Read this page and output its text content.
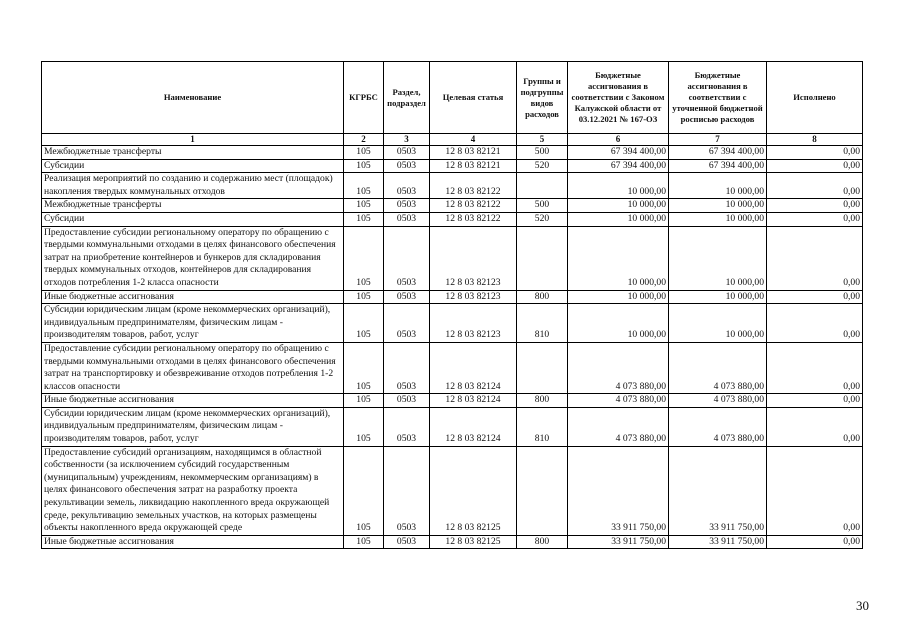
Наименование	КГРБС	Раздел, подраздел	Целевая статья	Группы и подгруппы видов расходов	Бюджетные ассигнования в соответствии с Законом Калужской области от 03.12.2021 № 167-ОЗ	Бюджетные ассигнования в соответствии с уточненной бюджетной росписью расходов	Исполнено
1	2	3	4	5	6	7	8
Межбюджетные трансферты	105	0503	12 8 03 82121	500	67 394 400,00	67 394 400,00	0,00
Субсидии	105	0503	12 8 03 82121	520	67 394 400,00	67 394 400,00	0,00
Реализация мероприятий по созданию и содержанию мест (площадок) накопления твердых коммунальных отходов	105	0503	12 8 03 82122		10 000,00	10 000,00	0,00
Межбюджетные трансферты	105	0503	12 8 03 82122	500	10 000,00	10 000,00	0,00
Субсидии	105	0503	12 8 03 82122	520	10 000,00	10 000,00	0,00
Предоставление субсидии региональному оператору по обращению с твердыми коммунальными отходами в целях финансового обеспечения затрат на приобретение контейнеров и бункеров для складирования твердых коммунальных отходов, контейнеров для складирования отходов потребления 1-2 класса опасности	105	0503	12 8 03 82123		10 000,00	10 000,00	0,00
Иные бюджетные ассигнования	105	0503	12 8 03 82123	800	10 000,00	10 000,00	0,00
Субсидии юридическим лицам (кроме некоммерческих организаций), индивидуальным предпринимателям, физическим лицам - производителям товаров, работ, услуг	105	0503	12 8 03 82123	810	10 000,00	10 000,00	0,00
Предоставление субсидии региональному оператору по обращению с твердыми коммунальными отходами в целях финансового обеспечения затрат на транспортировку и обезвреживание отходов потребления 1-2 классов опасности	105	0503	12 8 03 82124		4 073 880,00	4 073 880,00	0,00
Иные бюджетные ассигнования	105	0503	12 8 03 82124	800	4 073 880,00	4 073 880,00	0,00
Субсидии юридическим лицам (кроме некоммерческих организаций), индивидуальным предпринимателям, физическим лицам - производителям товаров, работ, услуг	105	0503	12 8 03 82124	810	4 073 880,00	4 073 880,00	0,00
Предоставление субсидий организациям, находящимся в областной собственности (за исключением субсидий государственным (муниципальным) учреждениям, некоммерческим организациям) в целях финансового обеспечения затрат на разработку проекта рекультивации земель, ликвидацию накопленного вреда окружающей среде, рекультивацию земельных участков, на которых размещены объекты накопленного вреда окружающей среде	105	0503	12 8 03 82125		33 911 750,00	33 911 750,00	0,00
Иные бюджетные ассигнования	105	0503	12 8 03 82125	800	33 911 750,00	33 911 750,00	0,00
30
